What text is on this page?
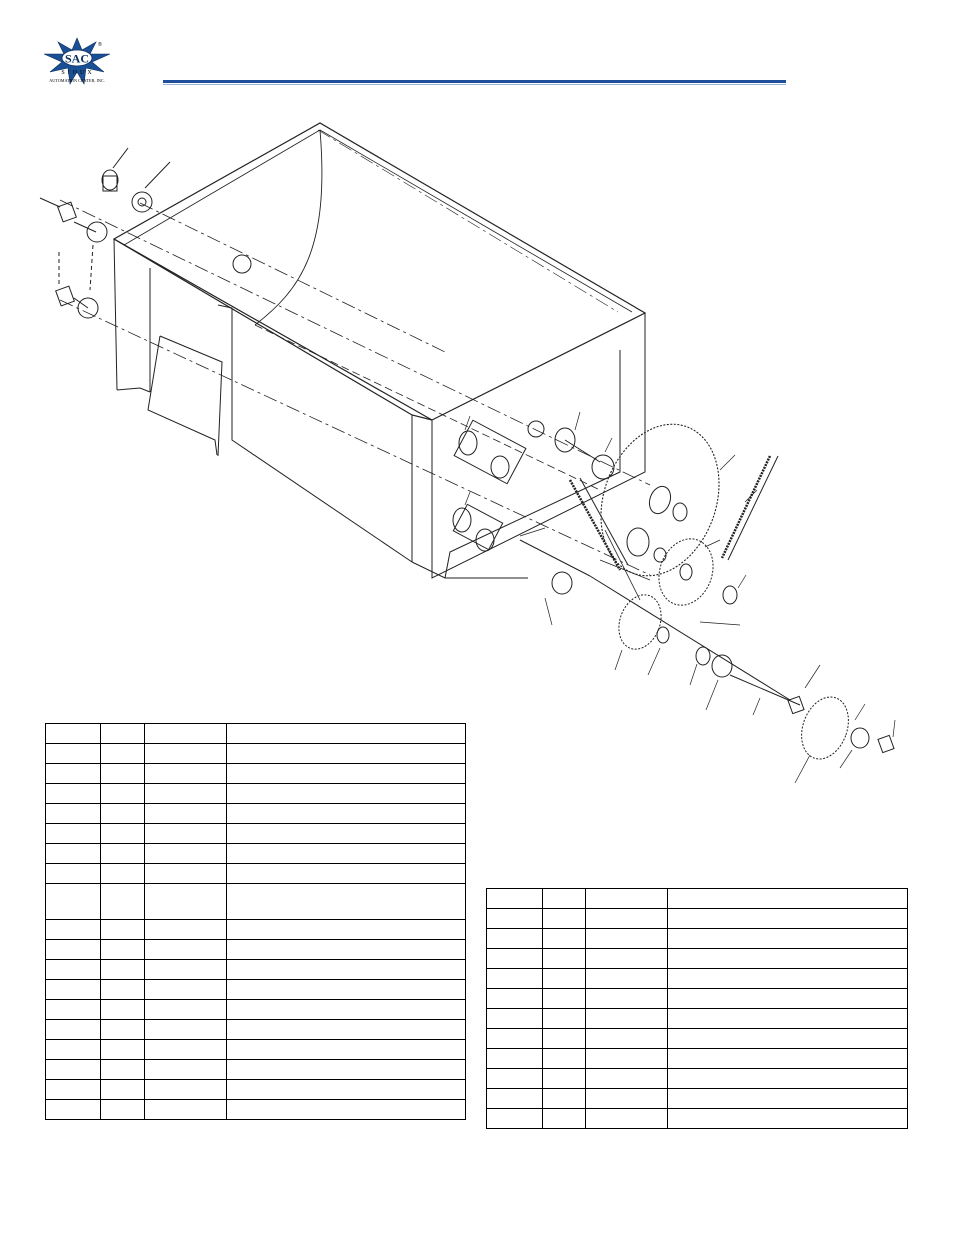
SAC
®
SIOUX
AUTOMATION CENTER, INC.
